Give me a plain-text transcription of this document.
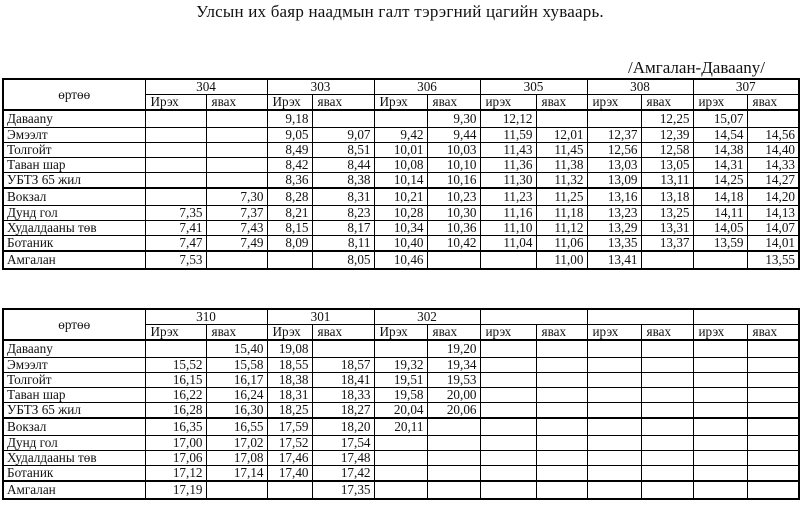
Улсын их баяр наадмын галт тэрэгний цагийн хуваарь.
/Амгалан-Даваany/
өртөө	304		303		306		305		308		307	
	Ирэх	явах	Ирэх	явах	Ирэх	явах	ирэх	явах	ирэх	явах	ирэх	явах
Даваany			9,18			9,30	12,12			12,25	15,07	
Эмээлт			9,05	9,07	9,42	9,44	11,59	12,01	12,37	12,39	14,54	14,56
Толгойт			8,49	8,51	10,01	10,03	11,43	11,45	12,56	12,58	14,38	14,40
Таван шар			8,42	8,44	10,08	10,10	11,36	11,38	13,03	13,05	14,31	14,33
УБТЗ 65 жил			8,36	8,38	10,14	10,16	11,30	11,32	13,09	13,11	14,25	14,27
Вокзал		7,30	8,28	8,31	10,21	10,23	11,23	11,25	13,16	13,18	14,18	14,20
Дунд гол	7,35	7,37	8,21	8,23	10,28	10,30	11,16	11,18	13,23	13,25	14,11	14,13
Худалдааны төв	7,41	7,43	8,15	8,17	10,34	10,36	11,10	11,12	13,29	13,31	14,05	14,07
Ботаник	7,47	7,49	8,09	8,11	10,40	10,42	11,04	11,06	13,35	13,37	13,59	14,01
Амгалан	7,53			8,05	10,46			11,00	13,41			13,55
өртөө	310		301		302							
	Ирэх	явах	Ирэх	явах	Ирэх	явах	ирэх	явах	ирэх	явах	ирэх	явах
Даваany		15,40	19,08			19,20						
Эмээлт	15,52	15,58	18,55	18,57	19,32	19,34						
Толгойт	16,15	16,17	18,38	18,41	19,51	19,53						
Таван шар	16,22	16,24	18,31	18,33	19,58	20,00						
УБТЗ 65 жил	16,28	16,30	18,25	18,27	20,04	20,06						
Вокзал	16,35	16,55	17,59	18,20	20,11							
Дунд гол	17,00	17,02	17,52	17,54								
Худалдааны төв	17,06	17,08	17,46	17,48								
Ботаник	17,12	17,14	17,40	17,42								
Амгалан	17,19			17,35								
